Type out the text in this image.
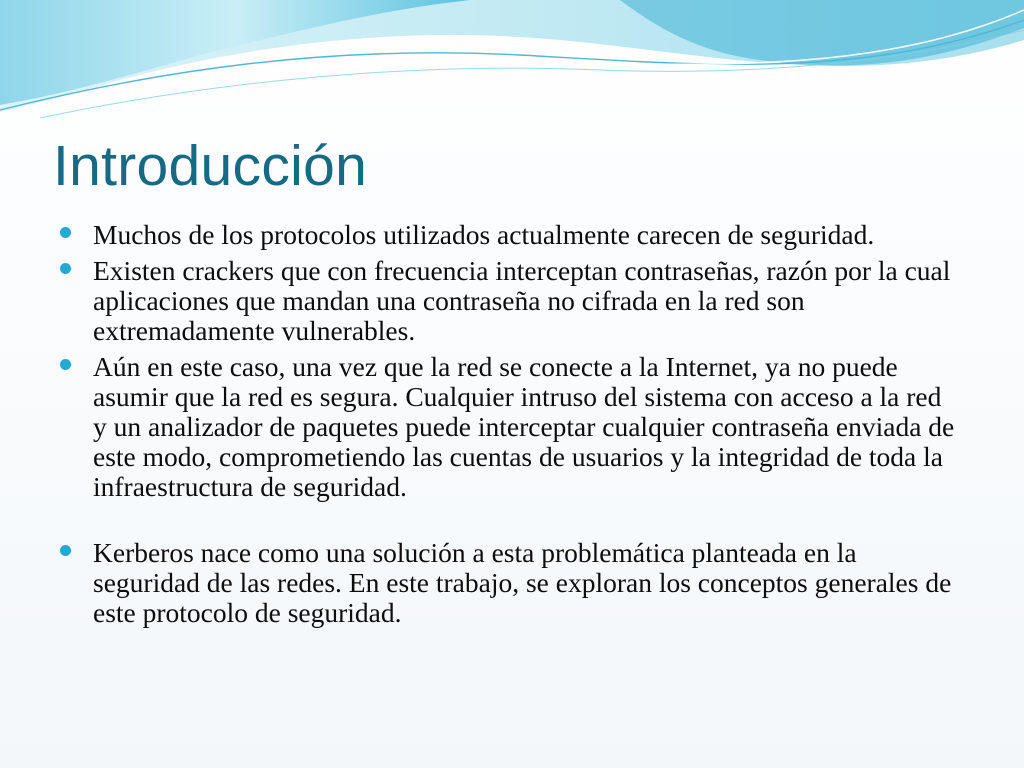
Introducción
Muchos de los protocolos utilizados actualmente carecen de seguridad.
Existen crackers que con frecuencia interceptan contraseñas, razón por la cual aplicaciones que mandan una contraseña no cifrada en la red son extremadamente vulnerables.
Aún en este caso, una vez que la red se conecte a la Internet, ya no puede asumir que la red es segura. Cualquier intruso del sistema con acceso a la red y un analizador de paquetes puede interceptar cualquier contraseña enviada de este modo, comprometiendo las cuentas de usuarios y la integridad de toda la infraestructura de seguridad.
Kerberos nace como una solución a esta problemática planteada en la seguridad de las redes. En este trabajo, se exploran los conceptos generales de este protocolo de seguridad.
